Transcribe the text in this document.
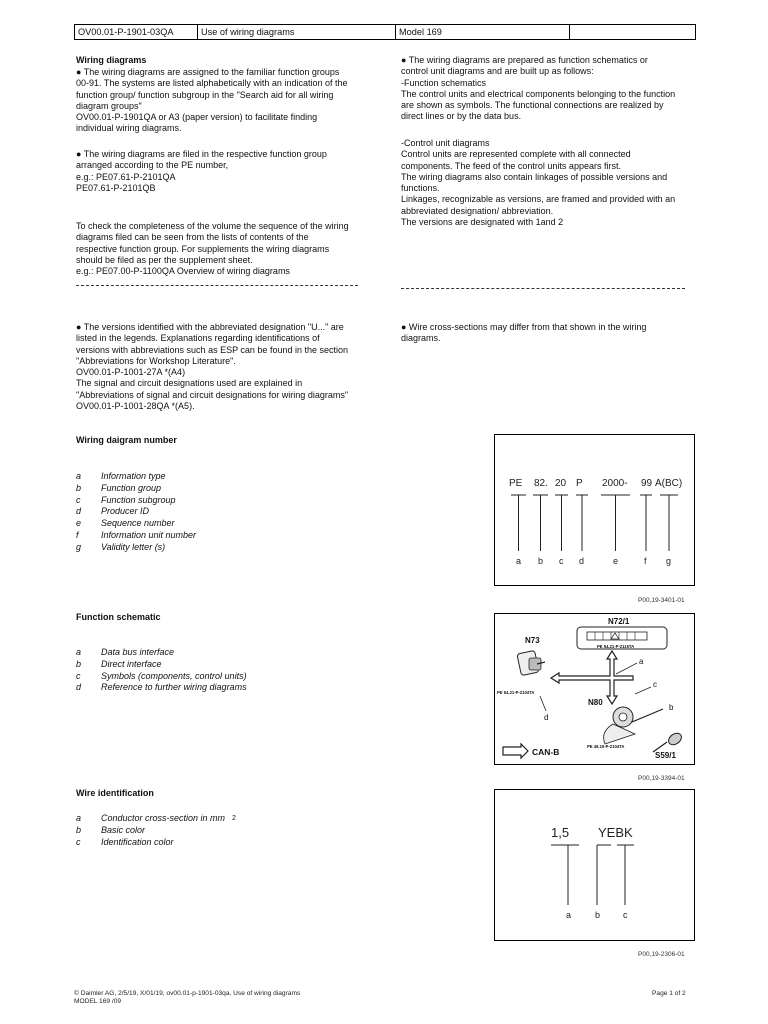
OV00.01-P-1901-03QA	Use of wiring diagrams	Model 169
Wiring diagrams
● The wiring diagrams are assigned to the familiar function groups
00-91. The systems are listed alphabetically with an indication of the
function group/ function subgroup in the "Search aid for all wiring
diagram groups"
OV00.01-P-1901QA or A3 (paper version) to facilitate finding
individual wiring diagrams.
● The wiring diagrams are filed in the respective function group
arranged according to the PE number,
e.g.: PE07.61-P-2101QA
PE07.61-P-2101QB
To check the completeness of the volume the sequence of the wiring
diagrams filed can be seen from the lists of contents of the
respective function group. For supplements the wiring diagrams
should be filed as per the supplement sheet.
e.g.: PE07.00-P-1100QA Overview of wiring diagrams
● The versions identified with the abbreviated designation "U..." are
listed in the legends. Explanations regarding identifications of
versions with abbreviations such as ESP can be found in the section
"Abbreviations for Workshop Literature".
OV00.01-P-1001-27A *(A4)
The signal and circuit designations used are explained in
"Abbreviations of signal and circuit designations for wiring diagrams"
OV00.01-P-1001-28QA *(A5).
● The wiring diagrams are prepared as function schematics or
control unit diagrams and are built up as follows:
-Function schematics
The control units and electrical components belonging to the function
are shown as symbols. The functional connections are realized by
direct lines or by the data bus.
-Control unit diagrams
Control units are represented complete with all connected
components. The feed of the control units appears first.
The wiring diagrams also contain linkages of possible versions and
functions.
Linkages, recognizable as versions, are framed and provided with an
abbreviated designation/ abbreviation.
The versions are designated with 1and 2
● Wire cross-sections may differ from that shown in the wiring
diagrams.
Wiring daigram number
a	Information type
b	Function group
c	Function subgroup
d	Producer ID
e	Sequence number
f	Information unit number
g	Validity letter (s)
PE 82. 20 P 2000- 99 A(BC)
a b c d	e	f g
P00,19-3401-01
Function schematic
a	Data bus interface
b	Direct interface
c	Symbols (components, control units)
d	Reference to further wiring diagrams
N72/1
PE 54.21-P-2115TA
N73
PE 54.21-P-2104TA
d
a
c
N80
b
S59/1
PE 46.10-P-2104TA
CAN-B
P00,19-3394-01
Wire identification
a	Conductor cross-section in mm 2
b	Basic color
c	Identification color
1,5 YEBK
a	b	c
P00,19-2306-01
© Daimler AG, 2/5/19, X/01/19, ov00.01-p-1901-03qa, Use of wiring diagrams
MODEL 169 /09
Page 1 of 2
